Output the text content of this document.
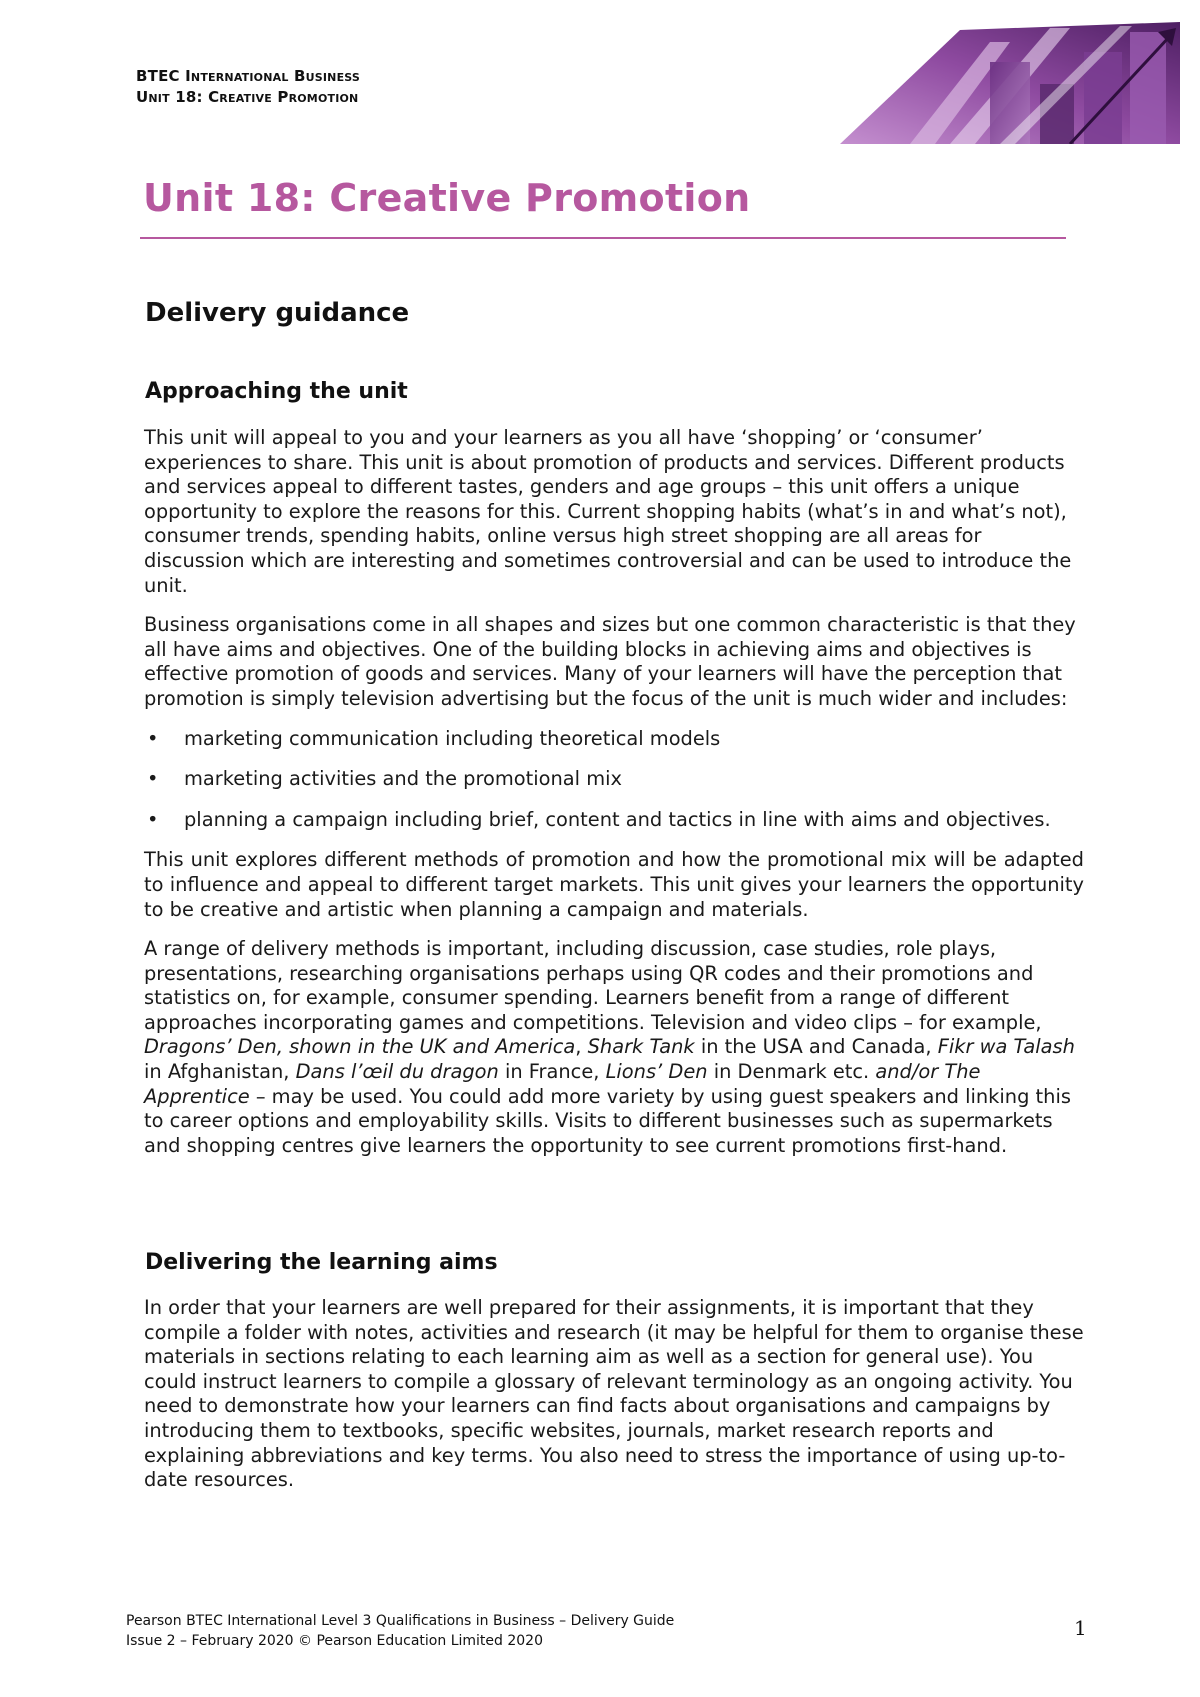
BTEC International Business
Unit 18: Creative Promotion
Unit 18: Creative Promotion
Delivery guidance
Approaching the unit

This unit will appeal to you and your learners as you all have ‘shopping’ or ‘consumer’ experiences to share. This unit is about promotion of products and services. Different products and services appeal to different tastes, genders and age groups – this unit offers a unique opportunity to explore the reasons for this. Current shopping habits (what’s in and what’s not), consumer trends, spending habits, online versus high street shopping are all areas for discussion which are interesting and sometimes controversial and can be used to introduce the unit.

Business organisations come in all shapes and sizes but one common characteristic is that they all have aims and objectives. One of the building blocks in achieving aims and objectives is effective promotion of goods and services. Many of your learners will have the perception that promotion is simply television advertising but the focus of the unit is much wider and includes:

• marketing communication including theoretical models
• marketing activities and the promotional mix
• planning a campaign including brief, content and tactics in line with aims and objectives.

This unit explores different methods of promotion and how the promotional mix will be adapted to influence and appeal to different target markets. This unit gives your learners the opportunity to be creative and artistic when planning a campaign and materials.

A range of delivery methods is important, including discussion, case studies, role plays, presentations, researching organisations perhaps using QR codes and their promotions and statistics on, for example, consumer spending. Learners benefit from a range of different approaches incorporating games and competitions. Television and video clips – for example, Dragons’ Den, shown in the UK and America, Shark Tank in the USA and Canada, Fikr wa Talash in Afghanistan, Dans l’œil du dragon in France, Lions’ Den in Denmark etc. and/or The Apprentice – may be used. You could add more variety by using guest speakers and linking this to career options and employability skills. Visits to different businesses such as supermarkets and shopping centres give learners the opportunity to see current promotions first-hand.

Delivering the learning aims

In order that your learners are well prepared for their assignments, it is important that they compile a folder with notes, activities and research (it may be helpful for them to organise these materials in sections relating to each learning aim as well as a section for general use). You could instruct learners to compile a glossary of relevant terminology as an ongoing activity. You need to demonstrate how your learners can find facts about organisations and campaigns by introducing them to textbooks, specific websites, journals, market research reports and explaining abbreviations and key terms. You also need to stress the importance of using up-to-date resources.

Pearson BTEC International Level 3 Qualifications in Business – Delivery Guide
Issue 2 – February 2020 © Pearson Education Limited 2020
1
